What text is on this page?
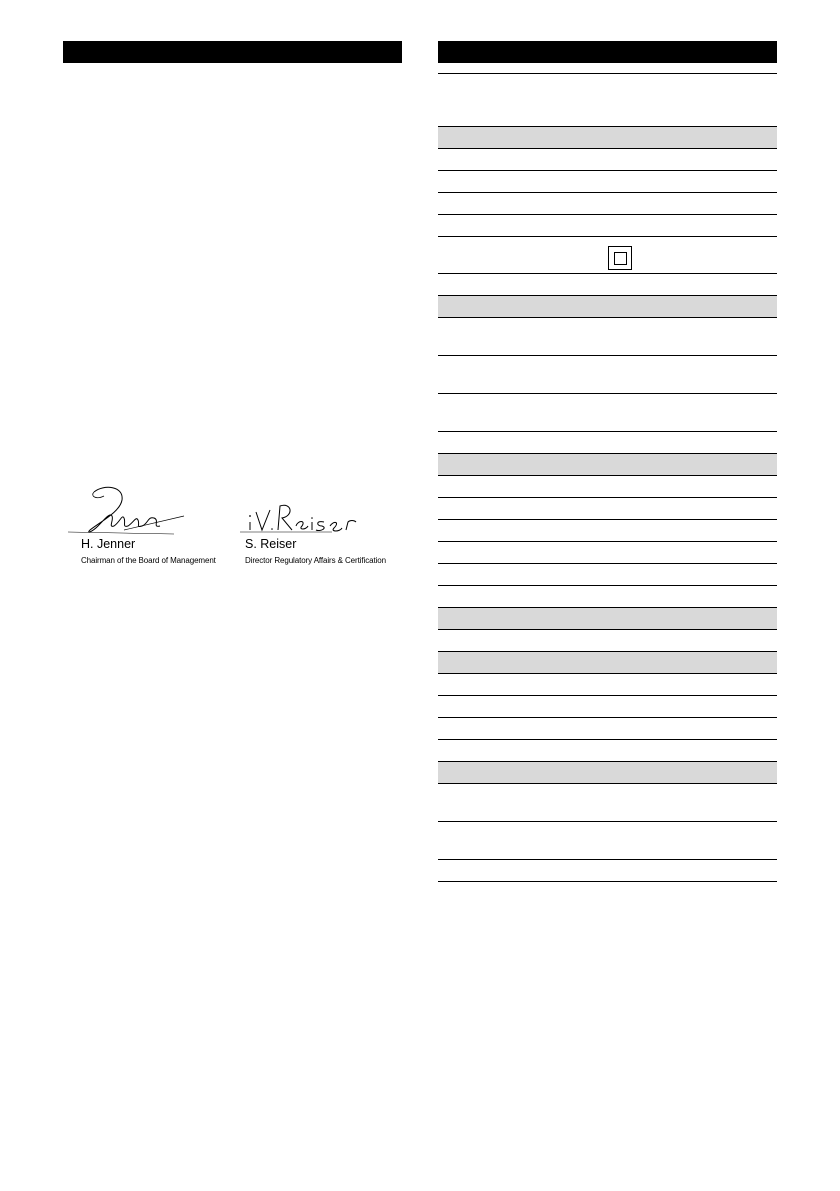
H. Jenner
Chairman of the Board of Management
S. Reiser
Director Regulatory Affairs & Certification
